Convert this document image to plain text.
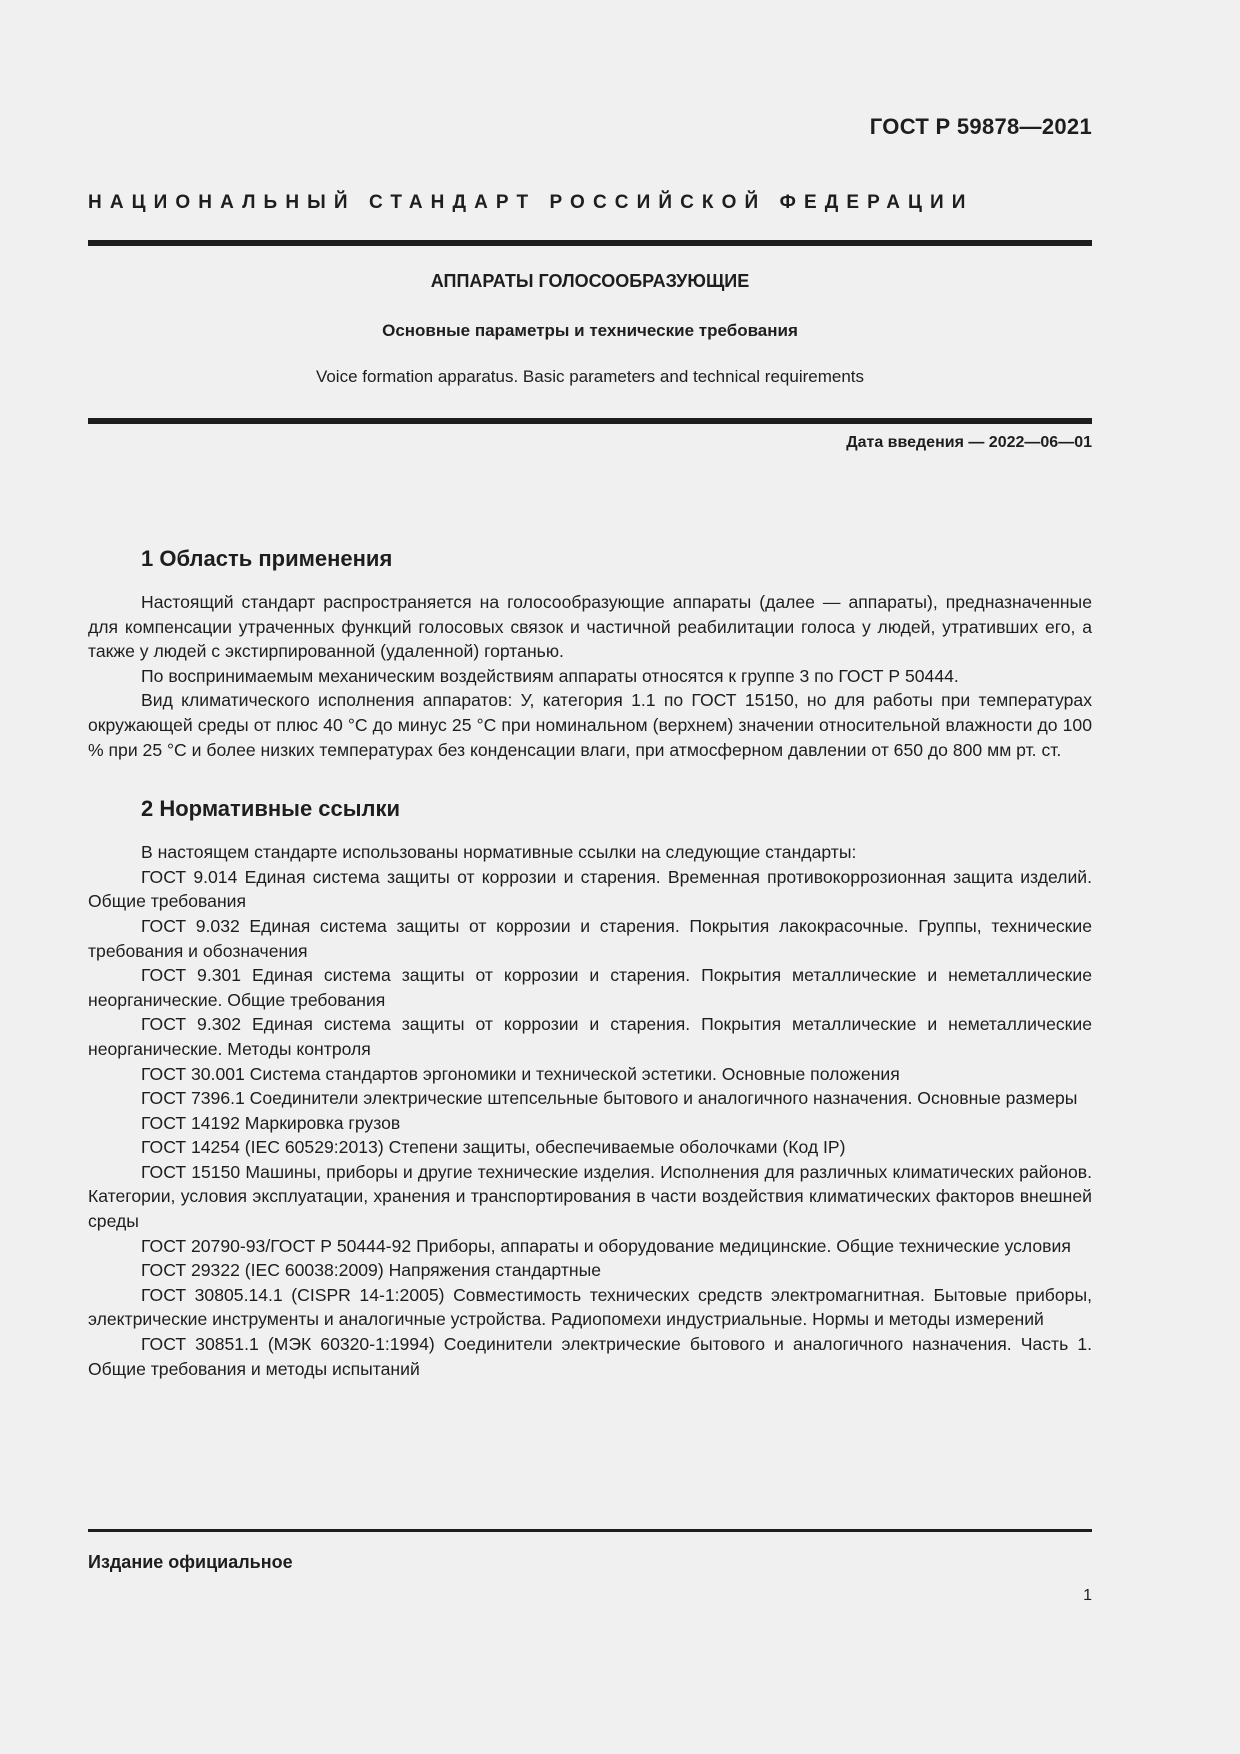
ГОСТ Р 59878—2021
НАЦИОНАЛЬНЫЙ СТАНДАРТ РОССИЙСКОЙ ФЕДЕРАЦИИ
АППАРАТЫ ГОЛОСООБРАЗУЮЩИЕ
Основные параметры и технические требования
Voice formation apparatus. Basic parameters and technical requirements
Дата введения — 2022—06—01
1 Область применения

Настоящий стандарт распространяется на голосообразующие аппараты (далее — аппараты), предназначенные для компенсации утраченных функций голосовых связок и частичной реабилитации голоса у людей, утративших его, а также у людей с экстирпированной (удаленной) гортанью.

По воспринимаемым механическим воздействиям аппараты относятся к группе 3 по ГОСТ Р 50444.

Вид климатического исполнения аппаратов: У, категория 1.1 по ГОСТ 15150, но для работы при температурах окружающей среды от плюс 40 °С до минус 25 °С при номинальном (верхнем) значении относительной влажности до 100 % при 25 °С и более низких температурах без конденсации влаги, при атмосферном давлении от 650 до 800 мм рт. ст.

2 Нормативные ссылки

В настоящем стандарте использованы нормативные ссылки на следующие стандарты:

ГОСТ 9.014 Единая система защиты от коррозии и старения. Временная противокоррозионная защита изделий. Общие требования

ГОСТ 9.032 Единая система защиты от коррозии и старения. Покрытия лакокрасочные. Группы, технические требования и обозначения

ГОСТ 9.301 Единая система защиты от коррозии и старения. Покрытия металлические и неметаллические неорганические. Общие требования

ГОСТ 9.302 Единая система защиты от коррозии и старения. Покрытия металлические и неметаллические неорганические. Методы контроля

ГОСТ 30.001 Система стандартов эргономики и технической эстетики. Основные положения

ГОСТ 7396.1 Соединители электрические штепсельные бытового и аналогичного назначения. Основные размеры

ГОСТ 14192 Маркировка грузов

ГОСТ 14254 (IEC 60529:2013) Степени защиты, обеспечиваемые оболочками (Код IP)

ГОСТ 15150 Машины, приборы и другие технические изделия. Исполнения для различных климатических районов. Категории, условия эксплуатации, хранения и транспортирования в части воздействия климатических факторов внешней среды

ГОСТ 20790-93/ГОСТ Р 50444-92 Приборы, аппараты и оборудование медицинские. Общие технические условия

ГОСТ 29322 (IEC 60038:2009) Напряжения стандартные

ГОСТ 30805.14.1 (CISPR 14-1:2005) Совместимость технических средств электромагнитная. Бытовые приборы, электрические инструменты и аналогичные устройства. Радиопомехи индустриальные. Нормы и методы измерений

ГОСТ 30851.1 (МЭК 60320-1:1994) Соединители электрические бытового и аналогичного назначения. Часть 1. Общие требования и методы испытаний

Издание официальное
1
